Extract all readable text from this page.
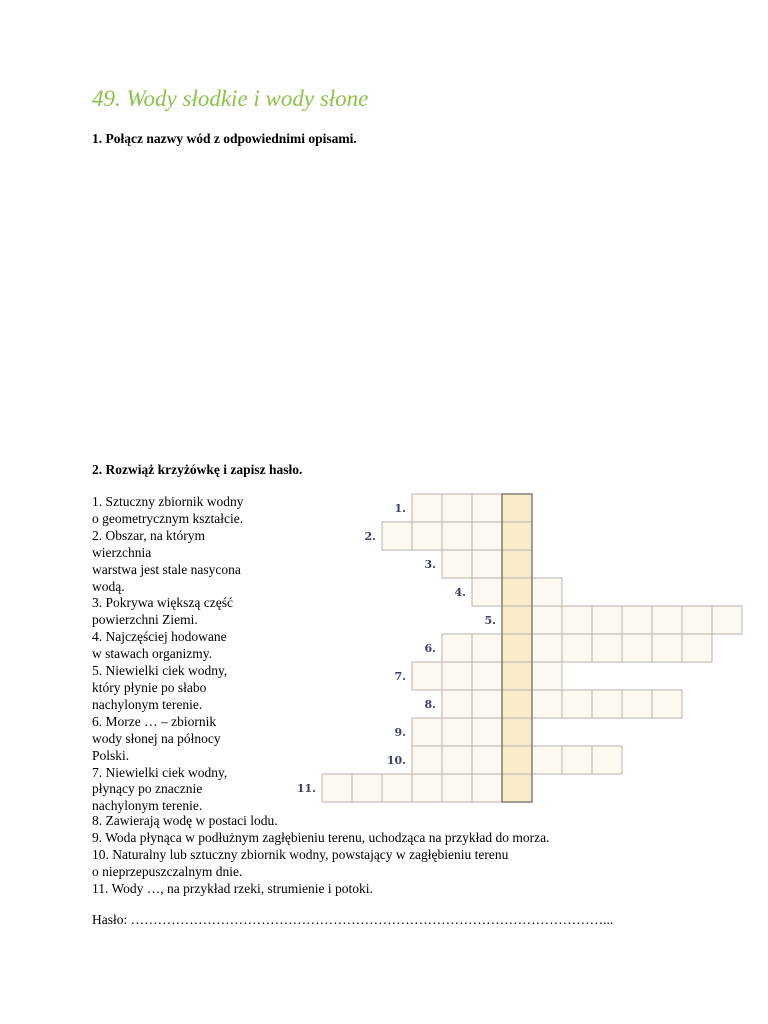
49. Wody słodkie i wody słone

1. Połącz nazwy wód z odpowiednimi opisami.

2. Rozwiąż krzyżówkę i zapisz hasło.

1. Sztuczny zbiornik wodny
o geometrycznym kształcie.
2. Obszar, na którym
wierzchnia
warstwa jest stale nasycona
wodą.
3. Pokrywa większą część
powierzchni Ziemi.
4. Najczęściej hodowane
w stawach organizmy.
5. Niewielki ciek wodny,
który płynie po słabo
nachylonym terenie.
6. Morze … – zbiornik
wody słonej na północy
Polski.
7. Niewielki ciek wodny,
płynący po znacznie
nachylonym terenie.
1.
2.
3.
4.
5.
6.
7.
8.
9.
10.
11.
8. Zawierają wodę w postaci lodu.
9. Woda płynąca w podłużnym zagłębieniu terenu, uchodząca na przykład do morza.
10. Naturalny lub sztuczny zbiornik wodny, powstający w zagłębieniu terenu
o nieprzepuszczalnym dnie.
11. Wody …, na przykład rzeki, strumienie i potoki.
Hasło: ……………………………………………………………………………………………...
